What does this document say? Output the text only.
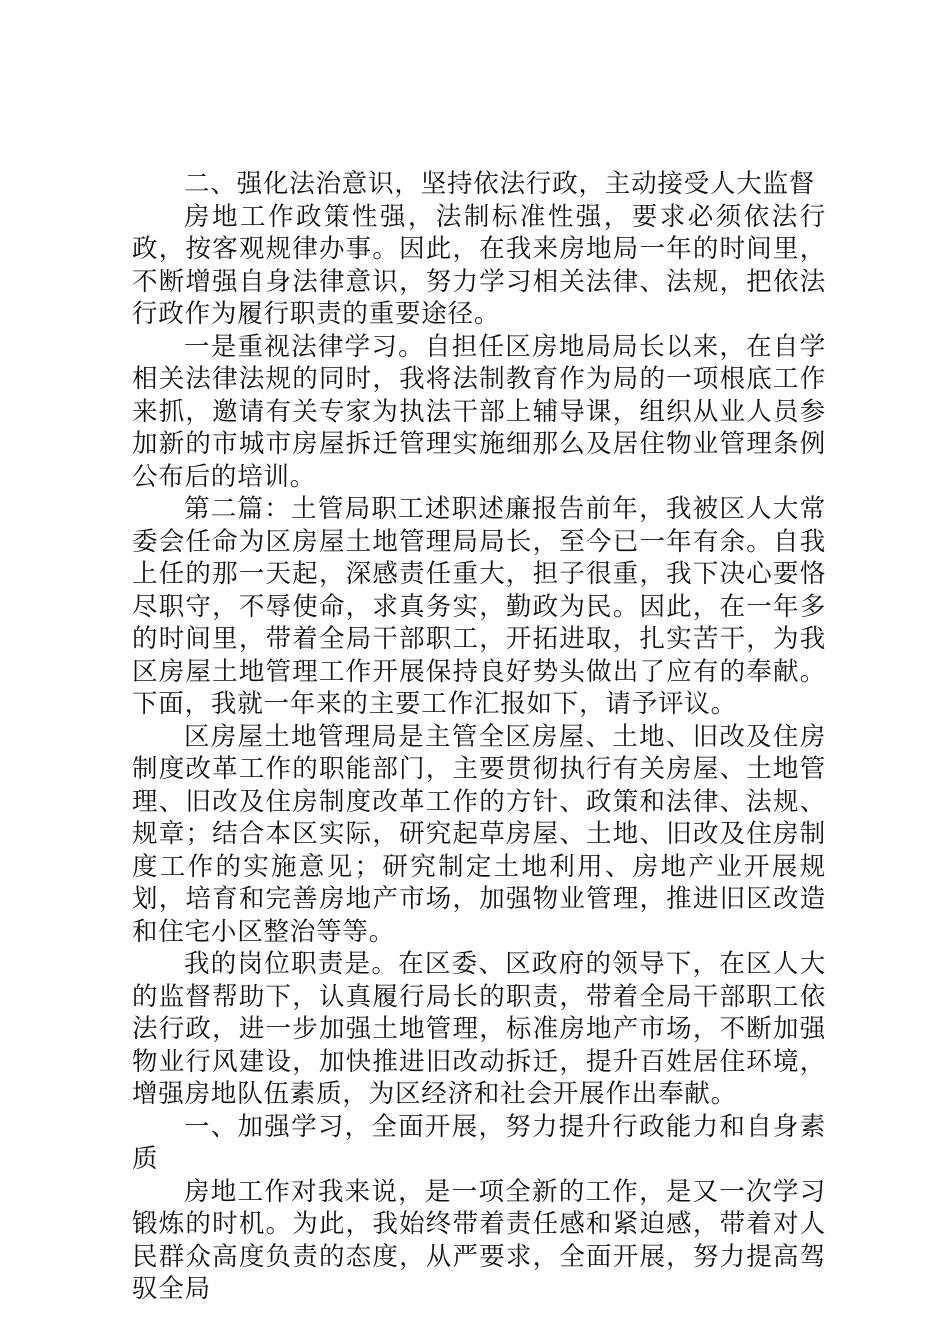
二、强化法治意识，坚持依法行政，主动接受人大监督

房地工作政策性强，法制标准性强，要求必须依法行政，按客观规律办事。因此，在我来房地局一年的时间里，不断增强自身法律意识，努力学习相关法律、法规，把依法行政作为履行职责的重要途径。

一是重视法律学习。自担任区房地局局长以来，在自学相关法律法规的同时，我将法制教育作为局的一项根底工作来抓，邀请有关专家为执法干部上辅导课，组织从业人员参加新的市城市房屋拆迁管理实施细那么及居住物业管理条例公布后的培训。

第二篇：土管局职工述职述廉报告前年，我被区人大常委会任命为区房屋土地管理局局长，至今已一年有余。自我上任的那一天起，深感责任重大，担子很重，我下决心要恪尽职守，不辱使命，求真务实，勤政为民。因此，在一年多的时间里，带着全局干部职工，开拓进取，扎实苦干，为我区房屋土地管理工作开展保持良好势头做出了应有的奉献。下面，我就一年来的主要工作汇报如下，请予评议。

区房屋土地管理局是主管全区房屋、土地、旧改及住房制度改革工作的职能部门，主要贯彻执行有关房屋、土地管理、旧改及住房制度改革工作的方针、政策和法律、法规、规章；结合本区实际，研究起草房屋、土地、旧改及住房制度工作的实施意见；研究制定土地利用、房地产业开展规划，培育和完善房地产市场，加强物业管理，推进旧区改造和住宅小区整治等等。

我的岗位职责是。在区委、区政府的领导下，在区人大的监督帮助下，认真履行局长的职责，带着全局干部职工依法行政，进一步加强土地管理，标准房地产市场，不断加强物业行风建设，加快推进旧改动拆迁，提升百姓居住环境，增强房地队伍素质，为区经济和社会开展作出奉献。

一、加强学习，全面开展，努力提升行政能力和自身素质

房地工作对我来说，是一项全新的工作，是又一次学习锻炼的时机。为此，我始终带着责任感和紧迫感，带着对人民群众高度负责的态度，从严要求，全面开展，努力提高驾驭全局
